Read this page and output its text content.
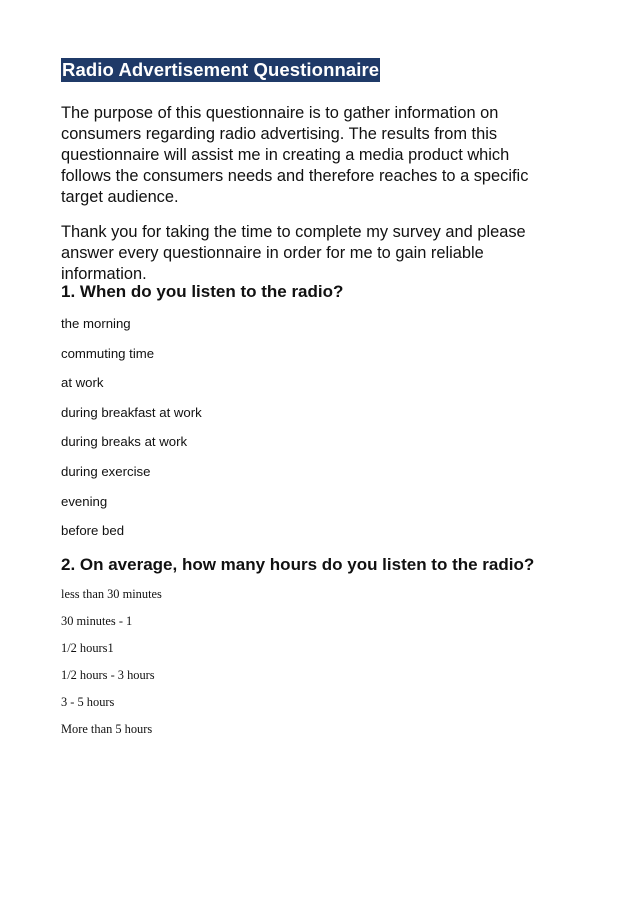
Radio Advertisement Questionnaire

The purpose of this questionnaire is to gather information on consumers regarding radio advertising. The results from this questionnaire will assist me in creating a media product which follows the consumers needs and therefore reaches to a specific target audience.

Thank you for taking the time to complete my survey and please answer every questionnaire in order for me to gain reliable information.

1. When do you listen to the radio?
the morning
commuting time
at work
during breakfast at work
during breaks at work
during exercise
evening
before bed
2. On average, how many hours do you listen to the radio?
less than 30 minutes
30 minutes - 1
1/2 hours1
1/2 hours - 3 hours
3 - 5 hours
More than 5 hours
